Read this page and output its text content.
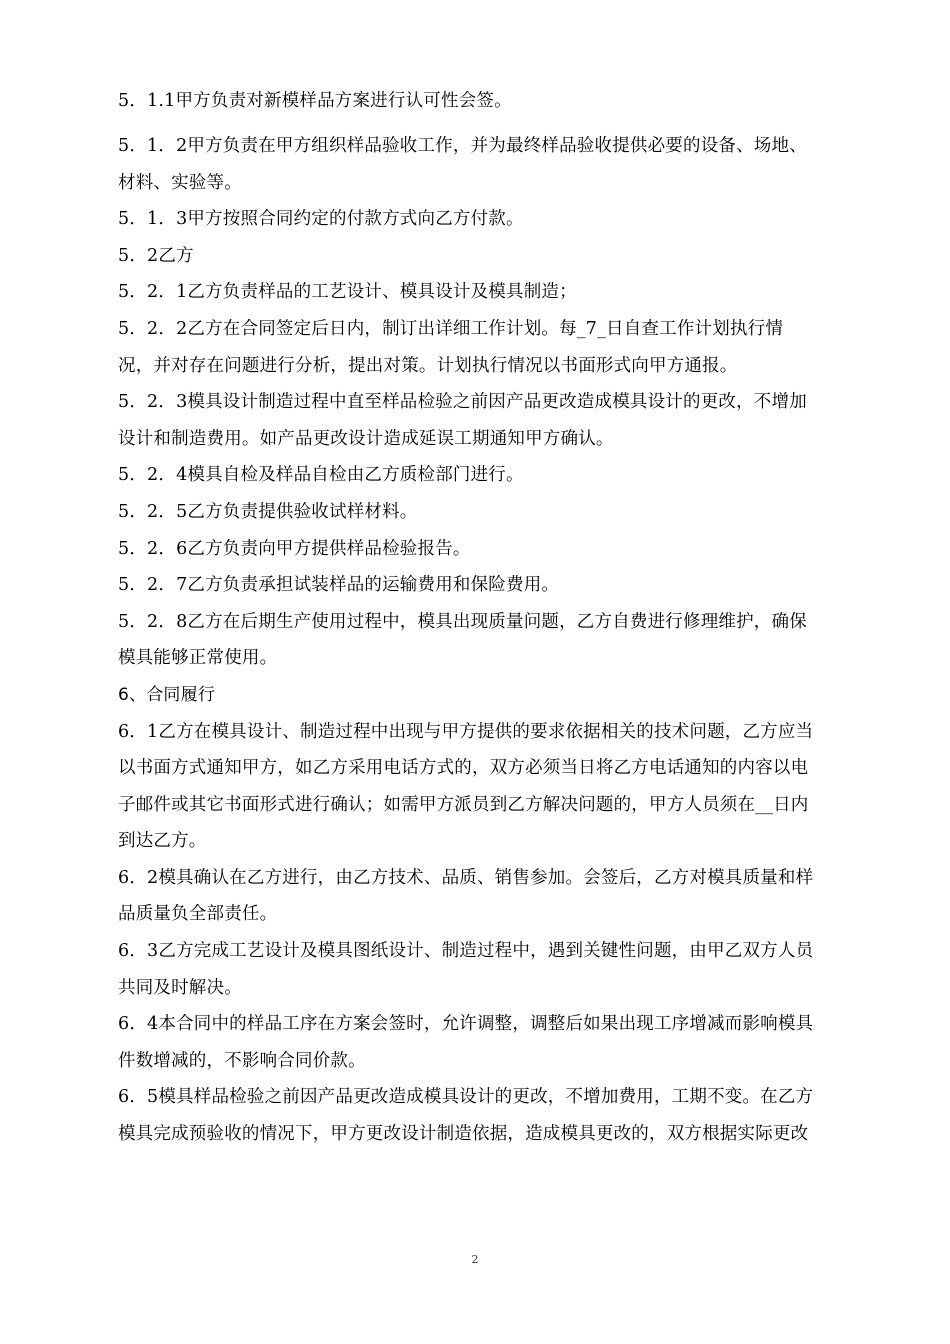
5．1.1甲方负责对新模样品方案进行认可性会签。
5．1．2甲方负责在甲方组织样品验收工作，并为最终样品验收提供必要的设备、场地、
材料、实验等。
5．1．3甲方按照合同约定的付款方式向乙方付款。
5．2乙方
5．2．1乙方负责样品的工艺设计、模具设计及模具制造；
5．2．2乙方在合同签定后日内，制订出详细工作计划。每_7_日自查工作计划执行情
况，并对存在问题进行分析，提出对策。计划执行情况以书面形式向甲方通报。
5．2．3模具设计制造过程中直至样品检验之前因产品更改造成模具设计的更改，不增加
设计和制造费用。如产品更改设计造成延误工期通知甲方确认。
5．2．4模具自检及样品自检由乙方质检部门进行。
5．2．5乙方负责提供验收试样材料。
5．2．6乙方负责向甲方提供样品检验报告。
5．2．7乙方负责承担试装样品的运输费用和保险费用。
5．2．8乙方在后期生产使用过程中，模具出现质量问题，乙方自费进行修理维护，确保
模具能够正常使用。
6、合同履行
6．1乙方在模具设计、制造过程中出现与甲方提供的要求依据相关的技术问题，乙方应当
以书面方式通知甲方，如乙方采用电话方式的，双方必须当日将乙方电话通知的内容以电
子邮件或其它书面形式进行确认；如需甲方派员到乙方解决问题的，甲方人员须在__日内
到达乙方。
6．2模具确认在乙方进行，由乙方技术、品质、销售参加。会签后，乙方对模具质量和样
品质量负全部责任。
6．3乙方完成工艺设计及模具图纸设计、制造过程中，遇到关键性问题，由甲乙双方人员
共同及时解决。
6．4本合同中的样品工序在方案会签时，允许调整，调整后如果出现工序增减而影响模具
件数增减的，不影响合同价款。
6．5模具样品检验之前因产品更改造成模具设计的更改，不增加费用，工期不变。在乙方
模具完成预验收的情况下，甲方更改设计制造依据，造成模具更改的，双方根据实际更改
2
